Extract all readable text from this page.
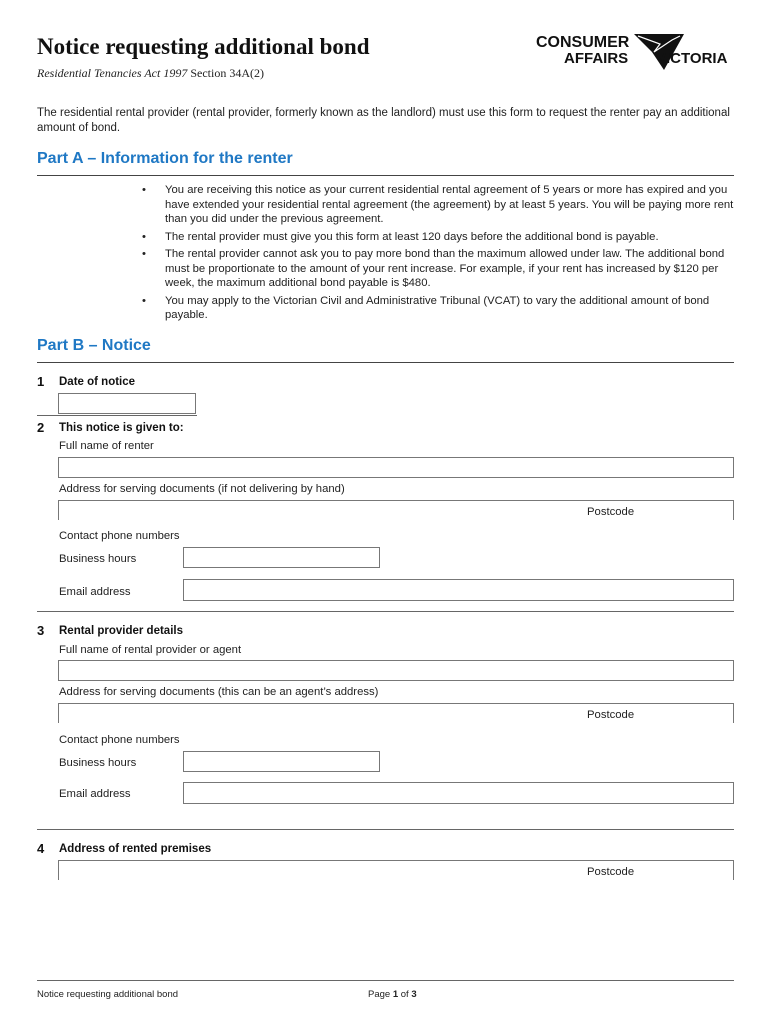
Notice requesting additional bond
Residential Tenancies Act 1997 Section 34A(2)
CONSUMER
AFFAIRS VICTORIA
The residential rental provider (rental provider, formerly known as the landlord) must use this form to request the renter pay an additional amount of bond.
Part A – Information for the renter
• You are receiving this notice as your current residential rental agreement of 5 years or more has expired and you have extended your residential rental agreement (the agreement) by at least 5 years. You will be paying more rent than you did under the previous agreement.
• The rental provider must give you this form at least 120 days before the additional bond is payable.
• The rental provider cannot ask you to pay more bond than the maximum allowed under law. The additional bond must be proportionate to the amount of your rent increase. For example, if your rent has increased by $120 per week, the maximum additional bond payable is $480.
• You may apply to the Victorian Civil and Administrative Tribunal (VCAT) to vary the additional amount of bond payable.
Part B – Notice
1 Date of notice
2 This notice is given to:
Full name of renter
Address for serving documents (if not delivering by hand)
Postcode
Contact phone numbers
Business hours
Email address
3 Rental provider details
Full name of rental provider or agent
Address for serving documents (this can be an agent’s address)
Postcode
Contact phone numbers
Business hours
Email address
4 Address of rented premises
Postcode
Notice requesting additional bond	Page 1 of 3
